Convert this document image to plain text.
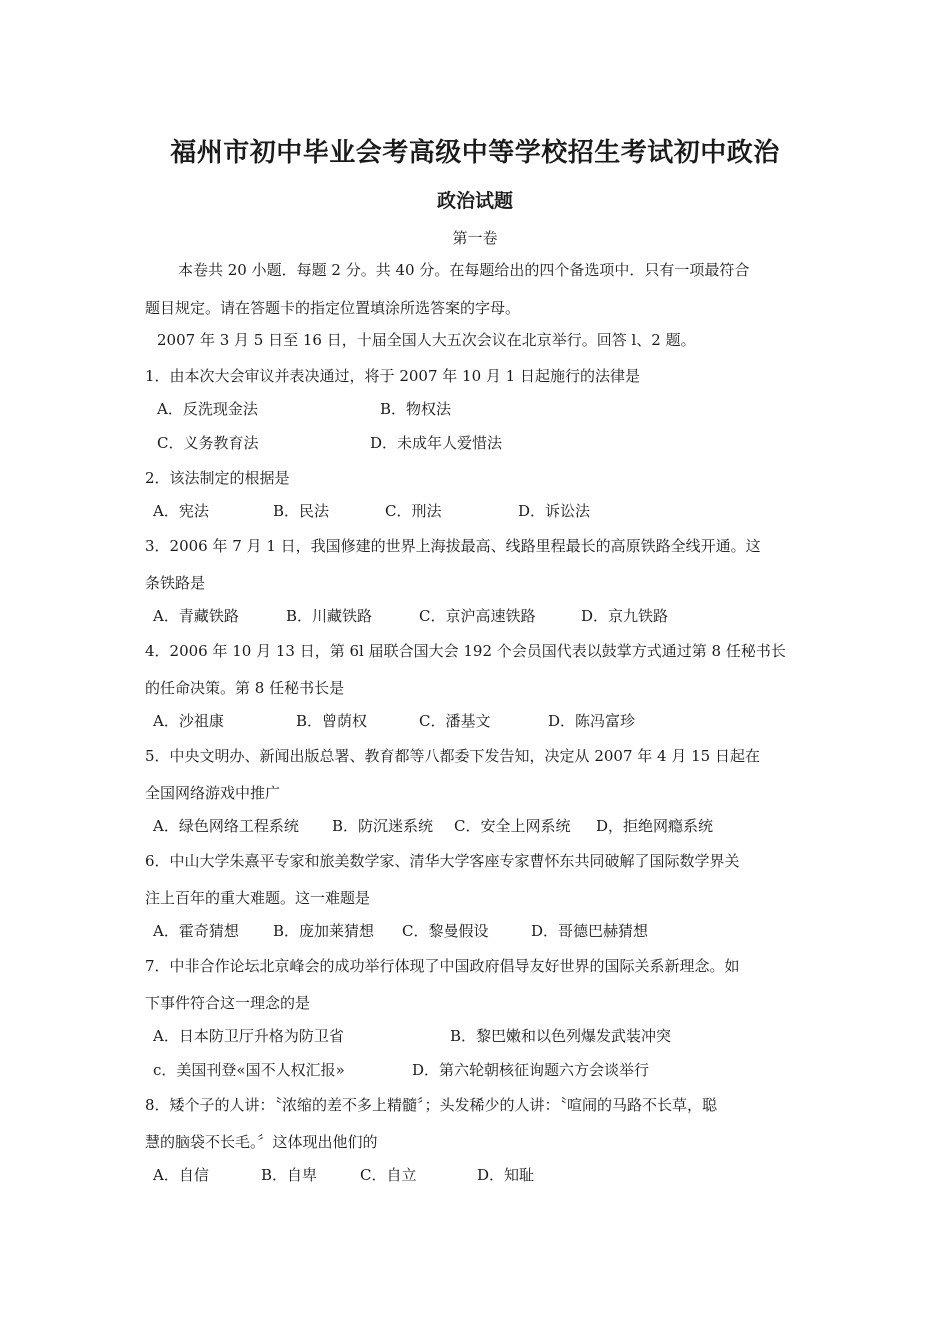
福州市初中毕业会考高级中等学校招生考试初中政治
政治试题
第一卷
本卷共 20 小题．每题 2 分。共 40 分。在每题给出的四个备选项中．只有一项最符合
题目规定。请在答题卡的指定位置填涂所选答案的字母。
2007 年 3 月 5 日至 16 日，十届全国人大五次会议在北京举行。回答 l、2 题。
1．由本次大会审议并表决通过，将于 2007 年 10 月 1 日起施行的法律是
A．反洗现金法	B．物权法
C．义务教育法	D．未成年人爱惜法
2．该法制定的根据是
A．宪法	B．民法	C．刑法	D．诉讼法
3．2006 年 7 月 1 日，我国修建的世界上海拔最高、线路里程最长的高原铁路全线开通。这
条铁路是
A．青藏铁路	B．川藏铁路	C．京沪高速铁路	D．京九铁路
4．2006 年 10 月 13 日，第 6l 届联合国大会 192 个会员国代表以鼓掌方式通过第 8 任秘书长
的任命决策。第 8 任秘书长是
A．沙祖康	B．曾荫权	C．潘基文	D．陈冯富珍
5．中央文明办、新闻出版总署、教育都等八都委下发告知，决定从 2007 年 4 月 15 日起在
全国网络游戏中推广
A．绿色网络工程系统 B．防沉迷系统 C．安全上网系统 D，拒绝网瘾系统
6．中山大学朱熹平专家和旅美数学家、清华大学客座专家曹怀东共同破解了国际数学界关
注上百年的重大难题。这一难题是
A．霍奇猜想 B．庞加莱猜想 C．黎曼假设	D．哥德巴赫猜想
7．中非合作论坛北京峰会的成功举行体现了中国政府倡导友好世界的国际关系新理念。如
下事件符合这一理念的是
A．日本防卫厅升格为防卫省	B．黎巴嫩和以色列爆发武装冲突
c．美国刊登«国不人权汇报»	D．第六轮朝核征询题六方会谈举行
8．矮个子的人讲：〝浓缩的差不多上精髓〞；头发稀少的人讲：〝喧闹的马路不长草，聪
慧的脑袋不长毛。〞这体现出他们的
A．自信	B．自卑	C．自立	D．知耻
